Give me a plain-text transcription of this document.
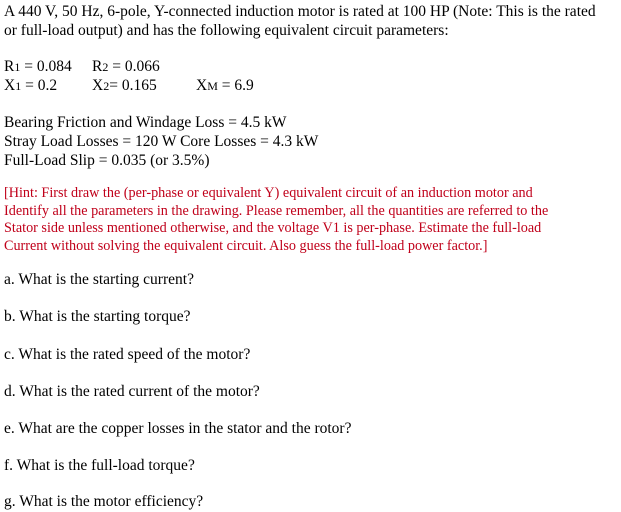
A 440 V, 50 Hz, 6-pole, Y-connected induction motor is rated at 100 HP (Note: This is the rated
or full-load output) and has the following equivalent circuit parameters:
R1 = 0.084 R2 = 0.066
X1 = 0.2 X2= 0.165	XM = 6.9
Bearing Friction and Windage Loss = 4.5 kW
Stray Load Losses = 120 W Core Losses = 4.3 kW
Full-Load Slip = 0.035 (or 3.5%)
[Hint: First draw the (per-phase or equivalent Y) equivalent circuit of an induction motor and
Identify all the parameters in the drawing. Please remember, all the quantities are referred to the
Stator side unless mentioned otherwise, and the voltage V1 is per-phase. Estimate the full-load
Current without solving the equivalent circuit. Also guess the full-load power factor.]
a. What is the starting current?
b. What is the starting torque?
c. What is the rated speed of the motor?
d. What is the rated current of the motor?
e. What are the copper losses in the stator and the rotor?
f. What is the full-load torque?
g. What is the motor efficiency?
